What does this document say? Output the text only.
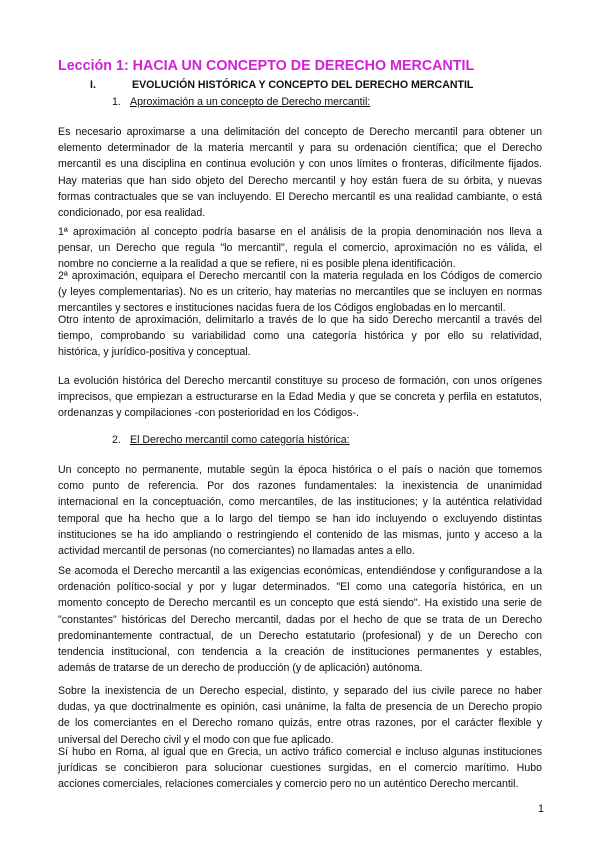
Lección 1: HACIA UN CONCEPTO DE DERECHO MERCANTIL
I.	EVOLUCIÓN HISTÓRICA Y CONCEPTO DEL DERECHO MERCANTIL
1. Aproximación a un concepto de Derecho mercantil:
Es necesario aproximarse a una delimitación del concepto de Derecho mercantil para obtener un
elemento determinador de la materia mercantil y para su ordenación científica; que el Derecho
mercantil es una disciplina en continua evolución y con unos límites o fronteras, difícilmente fijados.
Hay materias que han sido objeto del Derecho mercantil y hoy están fuera de su órbita, y nuevas
formas contractuales que se van incluyendo. El Derecho mercantil es una realidad cambiante, o está
condicionado, por esa realidad.
1ª aproximación al concepto podría basarse en el análisis de la propia denominación nos lleva a
pensar, un Derecho que regula "lo mercantil", regula el comercio, aproximación no es válida, el
nombre no concierne a la realidad a que se refiere, ni es posible plena identificación.
2ª aproximación, equipara el Derecho mercantil con la materia regulada en los Códigos de comercio
(y leyes complementarias). No es un criterio, hay materias no mercantiles que se incluyen en normas
mercantiles y sectores e instituciones nacidas fuera de los Códigos englobadas en lo mercantil.
Otro intento de aproximación, delimitarlo a través de lo que ha sido Derecho mercantil a través del
tiempo, comprobando su variabilidad como una categoría histórica y por ello su relatividad,
histórica, y jurídico-positiva y conceptual.
La evolución histórica del Derecho mercantil constituye su proceso de formación, con unos orígenes
imprecisos, que empiezan a estructurarse en la Edad Media y que se concreta y perfila en estatutos,
ordenanzas y compilaciones -con posterioridad en los Códigos-.
2. El Derecho mercantil como categoría histórica:
Un concepto no permanente, mutable según la época histórica o el país o nación que tomemos
como punto de referencia. Por dos razones fundamentales: la inexistencia de unanimidad
internacional en la conceptuación, como mercantiles, de las instituciones; y la auténtica relatividad
temporal que ha hecho que a lo largo del tiempo se han ido incluyendo o excluyendo distintas
instituciones se ha ido ampliando o restringiendo el contenido de las mismas, junto y acceso a la
actividad mercantil de personas (no comerciantes) no llamadas antes a ello.
Se acomoda el Derecho mercantil a las exigencias económicas, entendiéndose y configurandose a la
ordenación político-social y por y lugar determinados. "El como una categoría histórica, en un
momento concepto de Derecho mercantil es un concepto que está siendo". Ha existido una serie de
"constantes" históricas del Derecho mercantil, dadas por el hecho de que se trata de un Derecho
predominantemente contractual, de un Derecho estatutario (profesional) y de un Derecho con
tendencia institucional, con tendencia a la creación de instituciones permanentes y estables,
además de tratarse de un derecho de producción (y de aplicación) autónoma.
Sobre la inexistencia de un Derecho especial, distinto, y separado del ius civile parece no haber
dudas, ya que doctrinalmente es opinión, casi unánime, la falta de presencia de un Derecho propio
de los comerciantes en el Derecho romano quizás, entre otras razones, por el carácter flexible y
universal del Derecho civil y el modo con que fue aplicado.
Sí hubo en Roma, al igual que en Grecia, un activo tráfico comercial e incluso algunas instituciones
jurídicas se concibieron para solucionar cuestiones surgidas, en el comercio marítimo. Hubo
acciones comerciales, relaciones comerciales y comercio pero no un auténtico Derecho mercantil.
1
